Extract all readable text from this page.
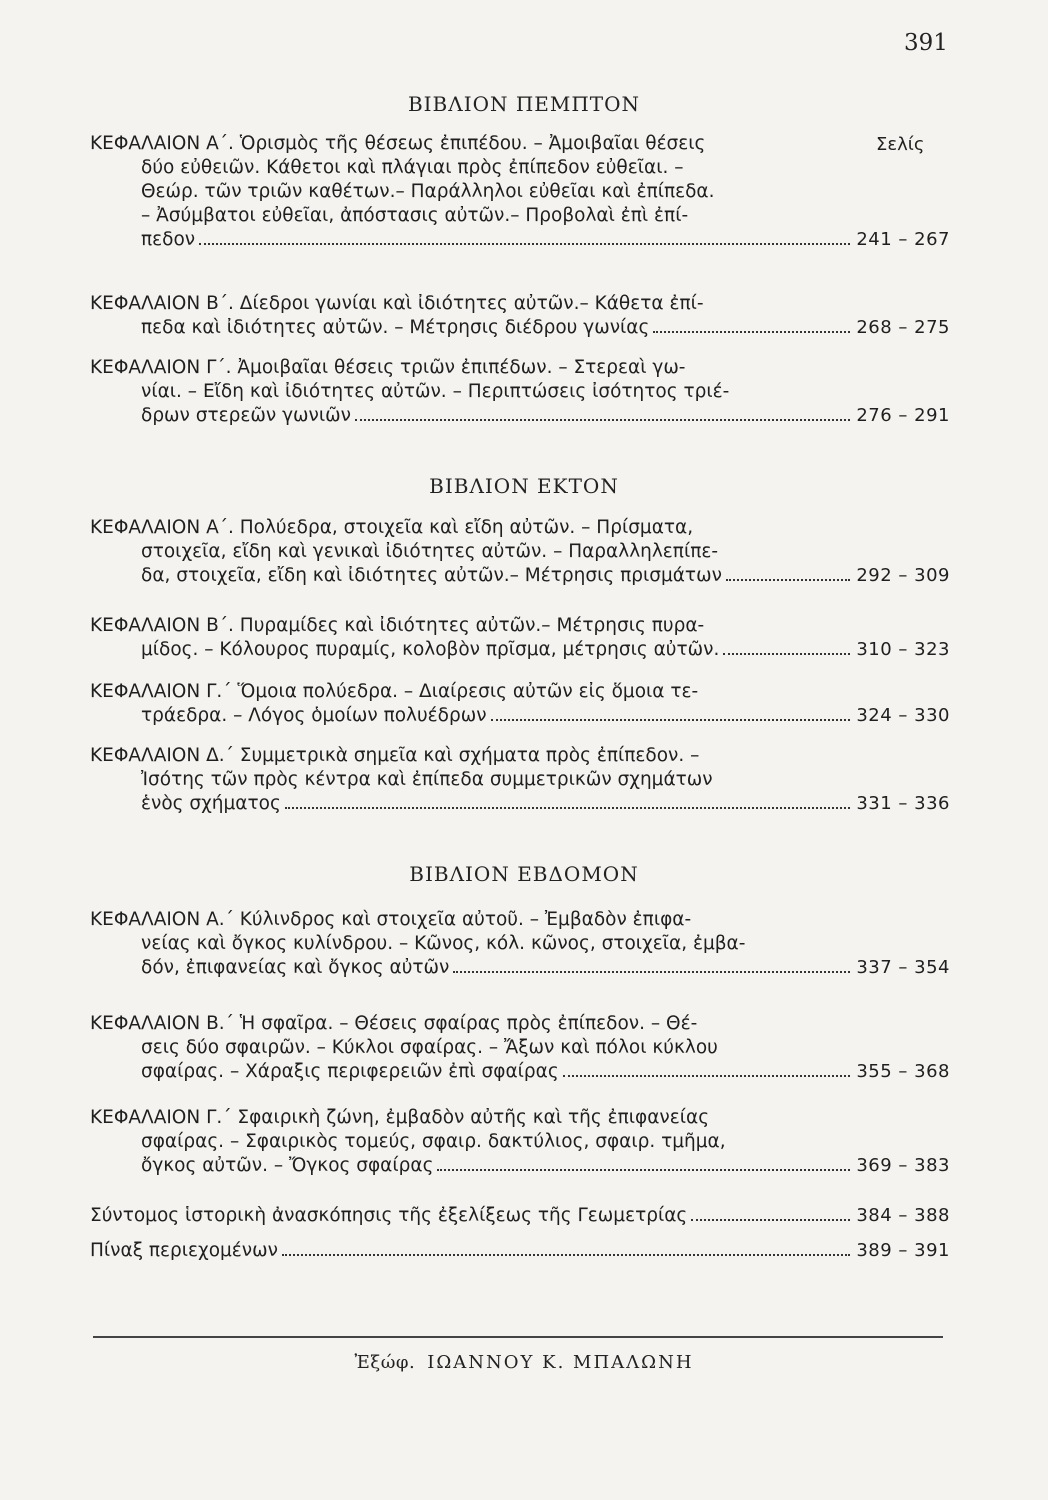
391
ΒΙΒΛΙΟΝ ΠΕΜΠΤΟΝ
Σελίς
ΚΕΦΑΛΑΙΟΝ Α΄. Ὁρισμὸς τῆς θέσεως ἐπιπέδου. – Ἀμοιβαῖαι θέσεις
δύο εὐθειῶν. Κάθετοι καὶ πλάγιαι πρὸς ἐπίπεδον εὐθεῖαι. –
Θεώρ. τῶν τριῶν καθέτων.– Παράλληλοι εὐθεῖαι καὶ ἐπίπεδα.
– Ἀσύμβατοι εὐθεῖαι, ἀπόστασις αὐτῶν.– Προβολαὶ ἐπὶ ἐπί-
πεδον	241 – 267
ΚΕΦΑΛΑΙΟΝ Β΄. Δίεδροι γωνίαι καὶ ἰδιότητες αὐτῶν.– Κάθετα ἐπί-
πεδα καὶ ἰδιότητες αὐτῶν. – Μέτρησις διέδρου γωνίας	268 – 275
ΚΕΦΑΛΑΙΟΝ Γ΄. Ἀμοιβαῖαι θέσεις τριῶν ἐπιπέδων. – Στερεαὶ γω-
νίαι. – Εἴδη καὶ ἰδιότητες αὐτῶν. – Περιπτώσεις ἰσότητος τριέ-
δρων στερεῶν γωνιῶν	276 – 291
ΒΙΒΛΙΟΝ ΕΚΤΟΝ
ΚΕΦΑΛΑΙΟΝ Α΄. Πολύεδρα, στοιχεῖα καὶ εἴδη αὐτῶν. – Πρίσματα,
στοιχεῖα, εἴδη καὶ γενικαὶ ἰδιότητες αὐτῶν. – Παραλληλεπίπε-
δα, στοιχεῖα, εἴδη καὶ ἰδιότητες αὐτῶν.– Μέτρησις πρισμάτων	292 – 309
ΚΕΦΑΛΑΙΟΝ Β΄. Πυραμίδες καὶ ἰδιότητες αὐτῶν.– Μέτρησις πυρα-
μίδος. – Κόλουρος πυραμίς, κολοβὸν πρῖσμα, μέτρησις αὐτῶν.	310 – 323
ΚΕΦΑΛΑΙΟΝ Γ.΄ Ὅμοια πολύεδρα. – Διαίρεσις αὐτῶν εἰς ὅμοια τε-
τράεδρα. – Λόγος ὁμοίων πολυέδρων	324 – 330
ΚΕΦΑΛΑΙΟΝ Δ.΄ Συμμετρικὰ σημεῖα καὶ σχήματα πρὸς ἐπίπεδον. –
Ἰσότης τῶν πρὸς κέντρα καὶ ἐπίπεδα συμμετρικῶν σχημάτων
ἑνὸς σχήματος	331 – 336
ΒΙΒΛΙΟΝ ΕΒΔΟΜΟΝ
ΚΕΦΑΛΑΙΟΝ Α.΄ Κύλινδρος καὶ στοιχεῖα αὐτοῦ. – Ἐμβαδὸν ἐπιφα-
νείας καὶ ὄγκος κυλίνδρου. – Κῶνος, κόλ. κῶνος, στοιχεῖα, ἐμβα-
δόν, ἐπιφανείας καὶ ὄγκος αὐτῶν	337 – 354
ΚΕΦΑΛΑΙΟΝ Β.΄ Ἡ σφαῖρα. – Θέσεις σφαίρας πρὸς ἐπίπεδον. – Θέ-
σεις δύο σφαιρῶν. – Κύκλοι σφαίρας. – Ἄξων καὶ πόλοι κύκλου
σφαίρας. – Χάραξις περιφερειῶν ἐπὶ σφαίρας	355 – 368
ΚΕΦΑΛΑΙΟΝ Γ.΄ Σφαιρικὴ ζώνη, ἐμβαδὸν αὐτῆς καὶ τῆς ἐπιφανείας
σφαίρας. – Σφαιρικὸς τομεύς, σφαιρ. δακτύλιος, σφαιρ. τμῆμα,
ὄγκος αὐτῶν. – Ὄγκος σφαίρας	369 – 383
Σύντομος ἱστορικὴ ἀνασκόπησις τῆς ἐξελίξεως τῆς Γεωμετρίας	384 – 388
Πίναξ περιεχομένων	389 – 391
Ἐξώφ. ΙΩΑΝΝΟΥ Κ. ΜΠΑΛΩΝΗ
